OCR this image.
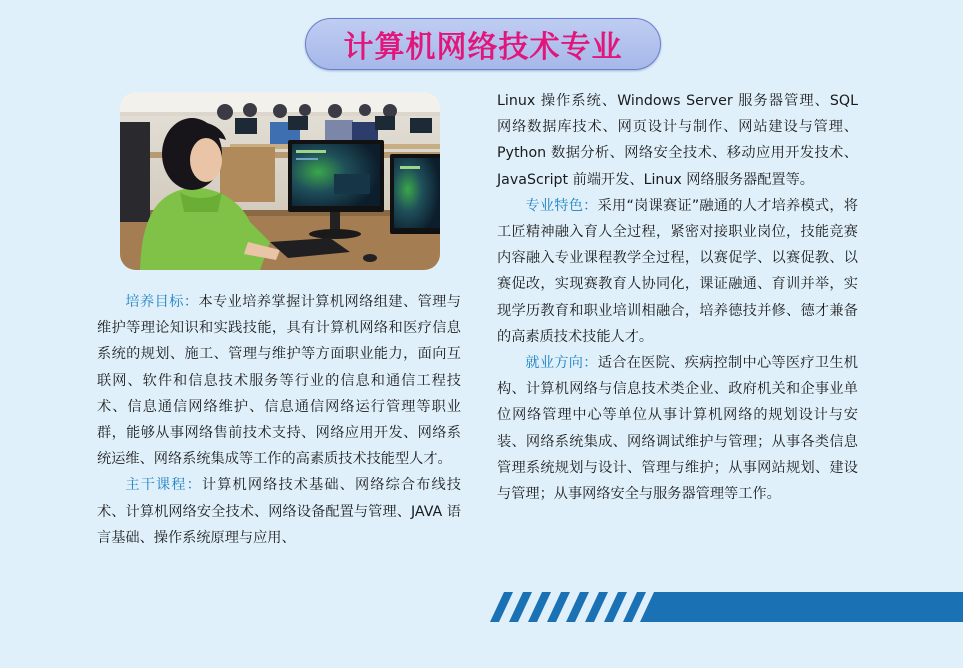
计算机网络技术专业

培养目标：本专业培养掌握计算机网络组建、管理与维护等理论知识和实践技能，具有计算机网络和医疗信息系统的规划、施工、管理与维护等方面职业能力，面向互联网、软件和信息技术服务等行业的信息和通信工程技术、信息通信网络维护、信息通信网络运行管理等职业群，能够从事网络售前技术支持、网络应用开发、网络系统运维、网络系统集成等工作的高素质技术技能型人才。

主干课程：计算机网络技术基础、网络综合布线技术、计算机网络安全技术、网络设备配置与管理、JAVA 语言基础、操作系统原理与应用、

Linux 操作系统、Windows Server 服务器管理、SQL 网络数据库技术、网页设计与制作、网站建设与管理、Python 数据分析、网络安全技术、移动应用开发技术、JavaScript 前端开发、Linux 网络服务器配置等。

专业特色：采用“岗课赛证”融通的人才培养模式，将工匠精神融入育人全过程，紧密对接职业岗位，技能竞赛内容融入专业课程教学全过程，以赛促学、以赛促教、以赛促改，实现赛教育人协同化，课证融通、育训并举，实现学历教育和职业培训相融合，培养德技并修、德才兼备的高素质技术技能人才。

就业方向：适合在医院、疾病控制中心等医疗卫生机构、计算机网络与信息技术类企业、政府机关和企事业单位网络管理中心等单位从事计算机网络的规划设计与安装、网络系统集成、网络调试维护与管理；从事各类信息管理系统规划与设计、管理与维护；从事网站规划、建设与管理；从事网络安全与服务器管理等工作。
